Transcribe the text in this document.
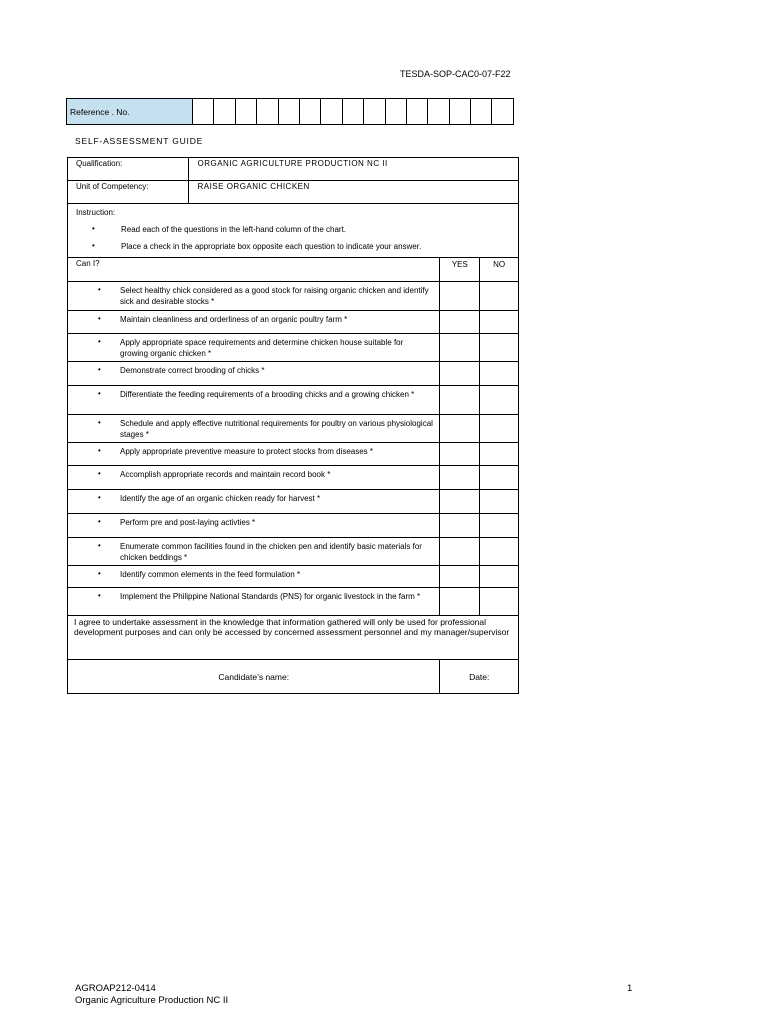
TESDA-SOP-CAC0-07-F22
Reference . No.															
SELF-ASSESSMENT GUIDE
Qualification:	ORGANIC AGRICULTURE PRODUCTION NC II		
Unit of Competency:	RAISE ORGANIC CHICKEN		

Instruction:
• Read each of the questions in the left-hand column of the chart.
• Place a check in the appropriate box opposite each question to indicate your answer.			

Can I?		YES	NO

• Select healthy chick considered as a good stock for raising organic chicken and identify sick and desirable stocks *			

• Maintain cleanliness and orderliness of an organic poultry farm *			

• Apply appropriate space requirements and determine chicken house suitable for growing organic chicken *			

• Demonstrate correct brooding of chicks *			

• Differentiate the feeding requirements of a brooding chicks and a growing chicken *			

• Schedule and apply effective nutritional requirements for poultry on various physiological stages *			

• Apply appropriate preventive measure to protect stocks from diseases *			

• Accomplish appropriate records and maintain record book *			

• Identify the age of an organic chicken ready for harvest *			

• Perform pre and post-laying activties *			

• Enumerate common facilities found in the chicken pen and identify basic materials for chicken beddings *			

• Identify common elements in the feed formulation *			

• Implement the Philippine National Standards (PNS) for organic livestock in the farm *			
I agree to undertake assessment in the knowledge that information gathered will only be used for professional development purposes and can only be accessed by concerned assessment personnel and my manager/supervisor			
Candidate’s name:		Date:	
AGROAP212-0414
Organic Agriculture Production NC II
1
